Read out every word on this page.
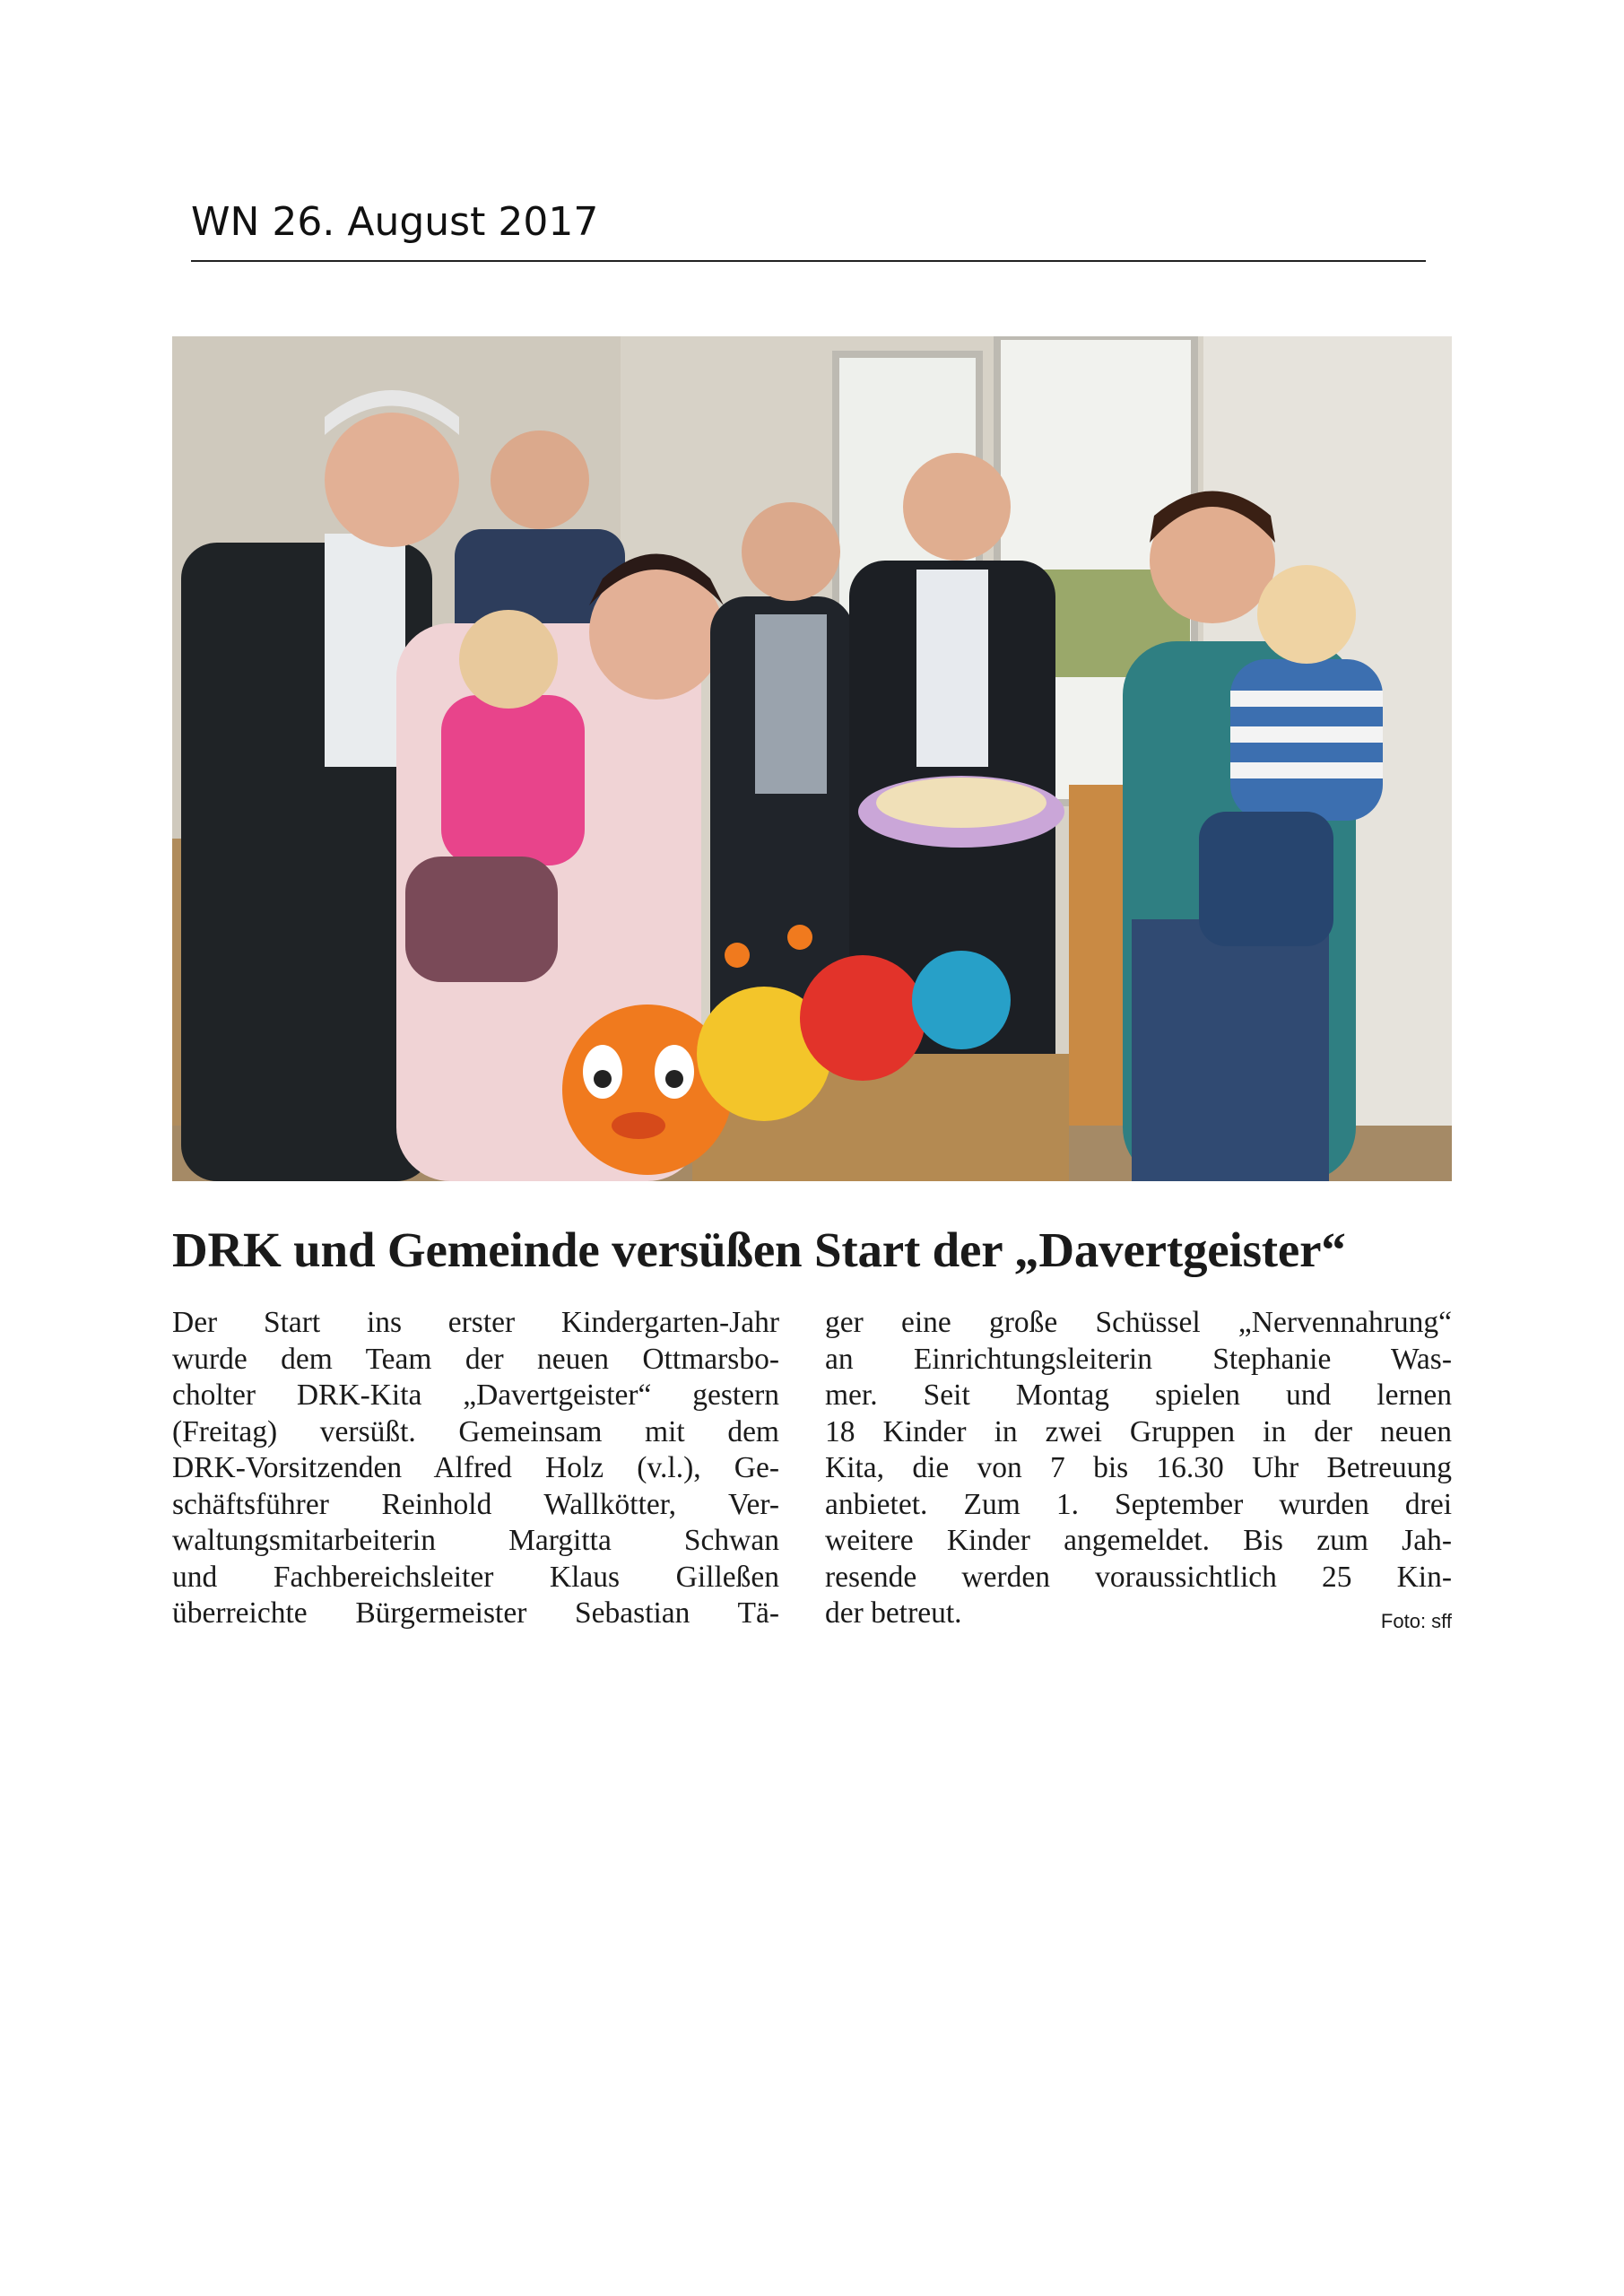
WN 26. August 2017
DRK und Gemeinde versüßen Start der „Davertgeister“
Der Start ins erster Kindergarten-Jahr
wurde dem Team der neuen Ottmarsbo-
cholter DRK-Kita „Davertgeister“ gestern
(Freitag) versüßt. Gemeinsam mit dem
DRK-Vorsitzenden Alfred Holz (v.l.), Ge-
schäftsführer Reinhold Wallkötter, Ver-
waltungsmitarbeiterin Margitta Schwan
und Fachbereichsleiter Klaus Gilleßen
überreichte Bürgermeister Sebastian Tä-
ger eine große Schüssel „Nervennahrung“
an Einrichtungsleiterin Stephanie Was-
mer. Seit Montag spielen und lernen
18 Kinder in zwei Gruppen in der neuen
Kita, die von 7 bis 16.30 Uhr Betreuung
anbietet. Zum 1. September wurden drei
weitere Kinder angemeldet. Bis zum Jah-
resende werden voraussichtlich 25 Kin-
der betreut.	Foto: sff
